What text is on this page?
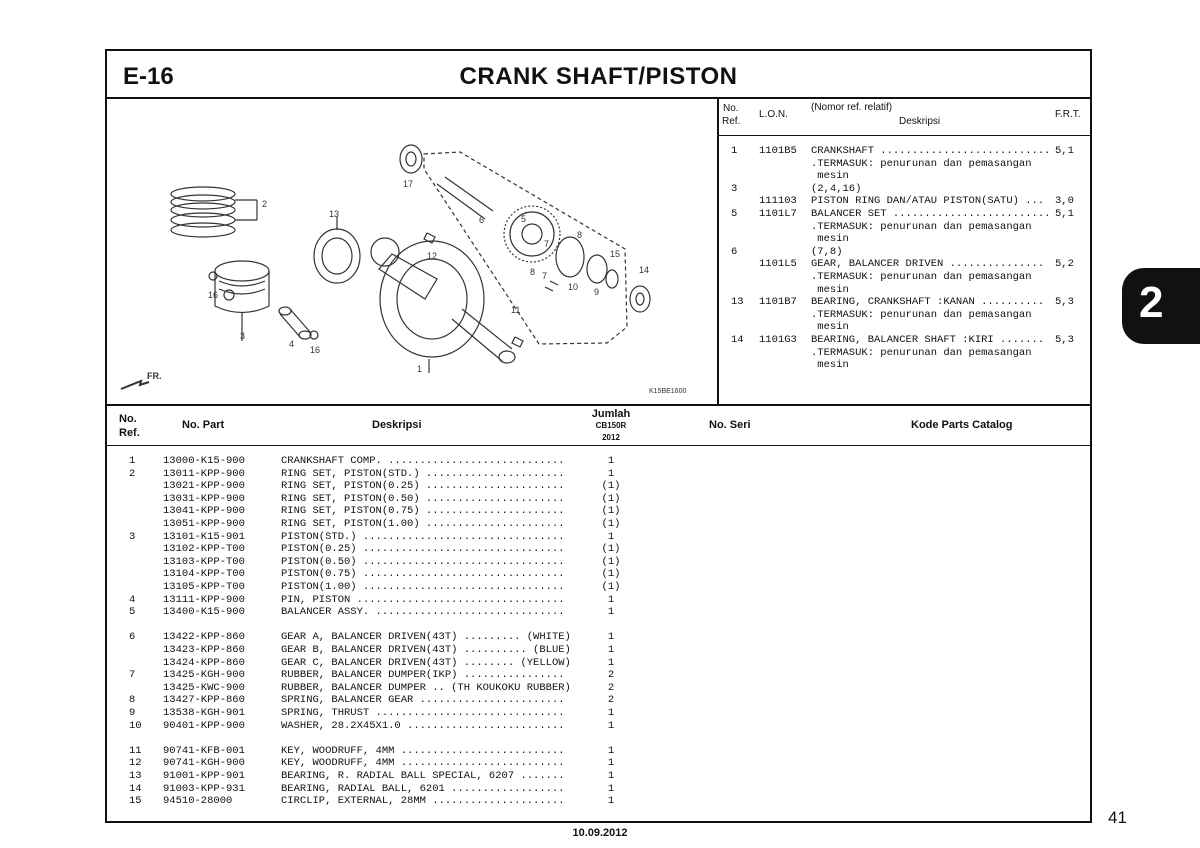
E-16	CRANK SHAFT/PISTON
17
5
2
13
6
8
7
12	15
14
16
8 7
10 9
11
3
4
16
1
FR.
K15BE1600
No.
Ref.
L.O.N.
(Nomor ref. relatif)
Deskripsi
F.R.T.
1 1101B5 CRANKSHAFT ........................... 5,1
.TERMASUK: penurunan dan pemasangan
mesin
3	(2,4,16)
111103 PISTON RING DAN/ATAU PISTON(SATU) ... 3,0
5 1101L7 BALANCER SET ......................... 5,1
.TERMASUK: penurunan dan pemasangan
mesin
6	(7,8)
1101L5 GEAR, BALANCER DRIVEN ............... 5,2
.TERMASUK: penurunan dan pemasangan
mesin
13 1101B7 BEARING, CRANKSHAFT :KANAN .......... 5,3
.TERMASUK: penurunan dan pemasangan
mesin
14 1101G3 BEARING, BALANCER SHAFT :KIRI ....... 5,3
.TERMASUK: penurunan dan pemasangan
mesin
No.
Ref.
No. Part	Deskripsi
Jumlah
CB150R
2012
No. Seri	Kode Parts Catalog
1	13000-K15-900	CRANKSHAFT COMP. ............................	1
2	13011-KPP-900	RING SET, PISTON(STD.) ......................	1
13021-KPP-900	RING SET, PISTON(0.25) ......................	(1)
13031-KPP-900	RING SET, PISTON(0.50) ......................	(1)
13041-KPP-900	RING SET, PISTON(0.75) ......................	(1)
13051-KPP-900	RING SET, PISTON(1.00) ......................	(1)
3	13101-K15-901	PISTON(STD.) ................................	1
13102-KPP-T00	PISTON(0.25) ................................	(1)
13103-KPP-T00	PISTON(0.50) ................................	(1)
13104-KPP-T00	PISTON(0.75) ................................	(1)
13105-KPP-T00	PISTON(1.00) ................................	(1)
4	13111-KPP-900	PIN, PISTON .................................	1
5	13400-K15-900	BALANCER ASSY. ..............................	1
6	13422-KPP-860	GEAR A, BALANCER DRIVEN(43T) ......... (WHITE)	1
13423-KPP-860	GEAR B, BALANCER DRIVEN(43T) .......... (BLUE)	1
13424-KPP-860	GEAR C, BALANCER DRIVEN(43T) ........ (YELLOW)	1
7	13425-KGH-900	RUBBER, BALANCER DUMPER(IKP) ................	2
13425-KWC-900	RUBBER, BALANCER DUMPER .. (TH KOUKOKU RUBBER)	2
8	13427-KPP-860	SPRING, BALANCER GEAR .......................	2
9	13538-KGH-901	SPRING, THRUST ..............................	1
10 90401-KPP-900	WASHER, 28.2X45X1.0 .........................	1
11 90741-KFB-001	KEY, WOODRUFF, 4MM ..........................	1
12 90741-KGH-900	KEY, WOODRUFF, 4MM ..........................	1
13 91001-KPP-901	BEARING, R. RADIAL BALL SPECIAL, 6207 .......	1
14 91003-KPP-931	BEARING, RADIAL BALL, 6201 ..................	1
15 94510-28000	CIRCLIP, EXTERNAL, 28MM .....................	1
2
41
10.09.2012
